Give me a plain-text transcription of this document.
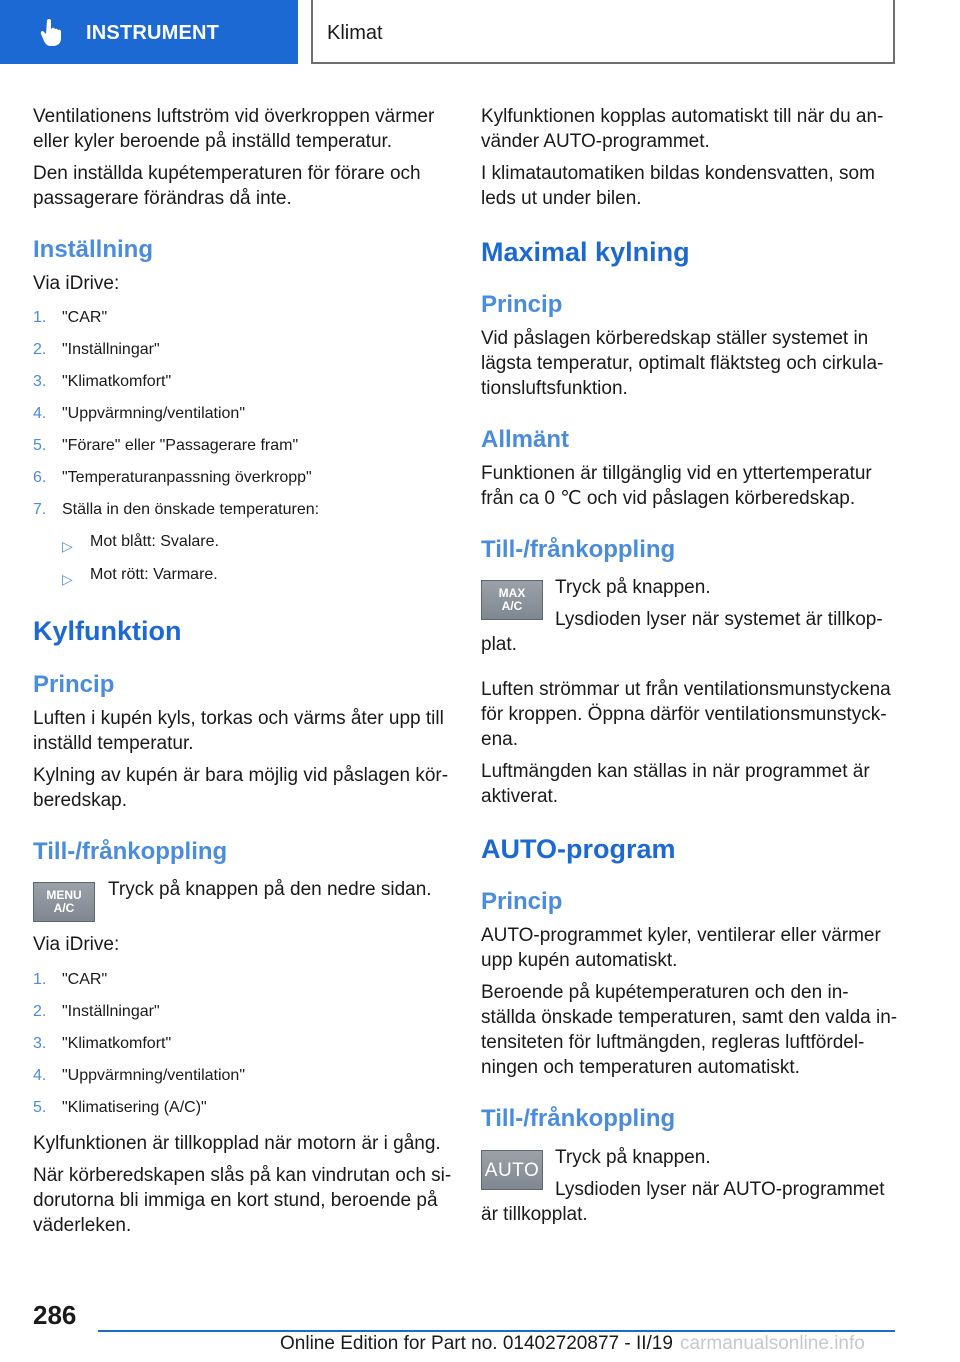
INSTRUMENT	Klimat

Ventilationens luftström vid överkroppen värmer

eller kyler beroende på inställd temperatur.

Den inställda kupétemperaturen för förare och

passagerare förändras då inte.

Inställning

Via iDrive:

1. "CAR"
2. "Inställningar"
3. "Klimatkomfort"
4. "Uppvärmning/ventilation"
5. "Förare" eller "Passagerare fram"
6. "Temperaturanpassning överkropp"
7. Ställa in den önskade temperaturen:
▷ Mot blått: Svalare.
▷ Mot rött: Varmare.
Kylfunktion
Princip

Luften i kupén kyls, torkas och värms åter upp till

inställd temperatur.

Kylning av kupén är bara möjlig vid påslagen kör-

beredskap.

Till-/frånkoppling
MENU
A/C

Tryck på knappen på den nedre sidan.

Via iDrive:

1. "CAR"
2. "Inställningar"
3. "Klimatkomfort"
4. "Uppvärmning/ventilation"
5. "Klimatisering (A/C)"

Kylfunktionen är tillkopplad när motorn är i gång.

När körberedskapen slås på kan vindrutan och si-

dorutorna bli immiga en kort stund, beroende på

väderleken.

Kylfunktionen kopplas automatiskt till när du an-

vänder AUTO-programmet.

I klimatautomatiken bildas kondensvatten, som

leds ut under bilen.

Maximal kylning
Princip

Vid påslagen körberedskap ställer systemet in

lägsta temperatur, optimalt fläktsteg och cirkula-

tionsluftsfunktion.

Allmänt

Funktionen är tillgänglig vid en yttertemperatur

från ca 0 ℃ och vid påslagen körberedskap.

Till-/frånkoppling
MAX
A/C

Tryck på knappen.

Lysdioden lyser när systemet är tillkop-

plat.

Luften strömmar ut från ventilationsmunstyckena

för kroppen. Öppna därför ventilationsmunstyck-

ena.

Luftmängden kan ställas in när programmet är

aktiverat.

AUTO-program
Princip

AUTO-programmet kyler, ventilerar eller värmer

upp kupén automatiskt.

Beroende på kupétemperaturen och den in-

ställda önskade temperaturen, samt den valda in-

tensiteten för luftmängden, regleras luftfördel-

ningen och temperaturen automatiskt.

Till-/frånkoppling
AUTO

Tryck på knappen.

Lysdioden lyser när AUTO-programmet

är tillkopplat.

286
Online Edition for Part no. 01402720877 - II/19 carmanualsonline.info
